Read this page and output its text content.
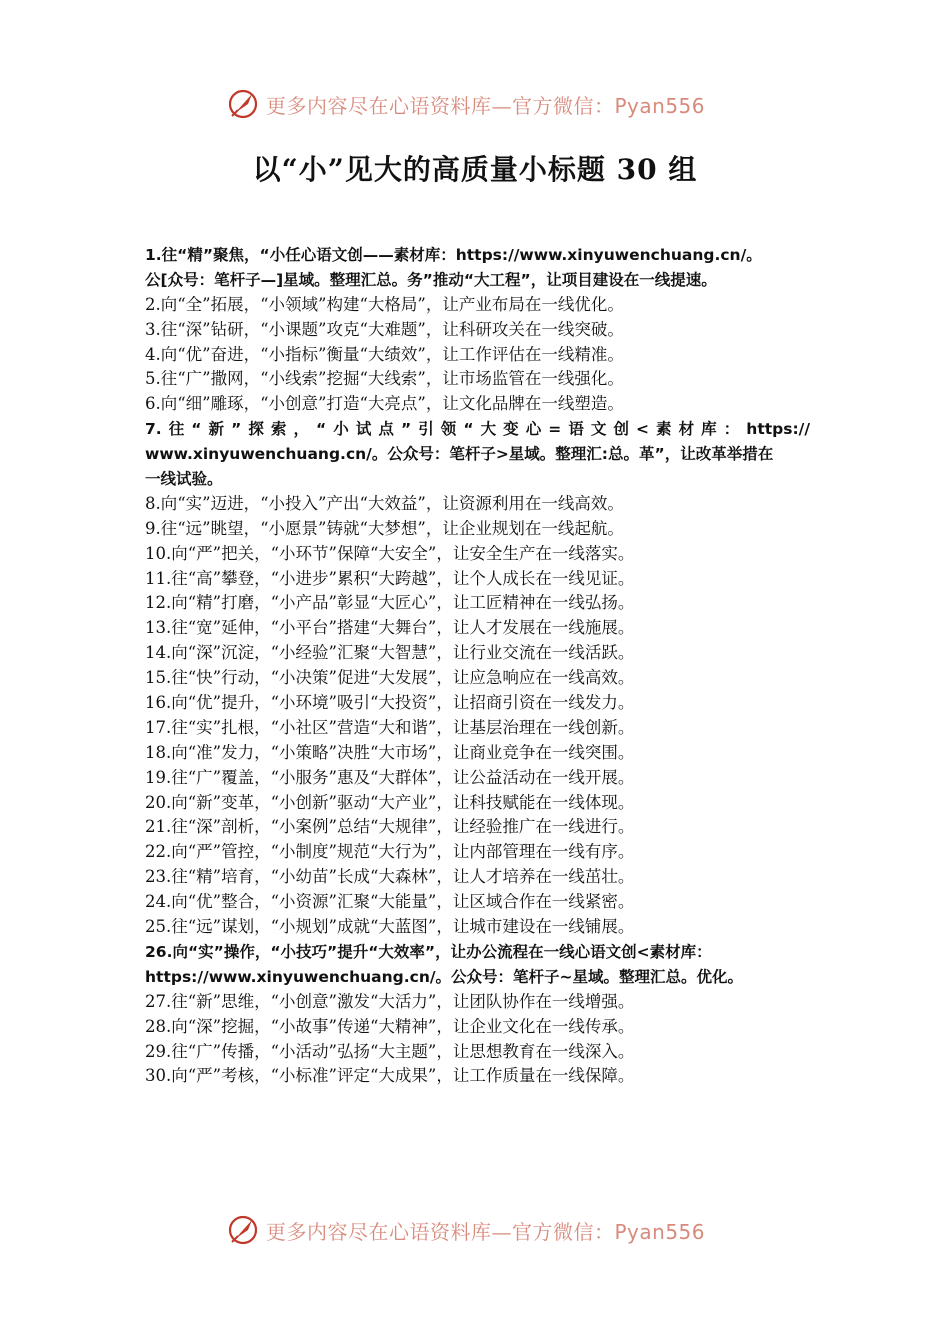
更多内容尽在心语资料库—官方微信：Pyan556
以“小”见大的高质量小标题 30 组
1.往“精”聚焦，“小任心语文创——素材库：https://www.xinyuwenchuang.cn/。
公[众号：笔杆子—]星域。整理汇总。务”推动“大工程”，让项目建设在一线提速。
2.向“全”拓展，“小领域”构建“大格局”，让产业布局在一线优化。
3.往“深”钻研，“小课题”攻克“大难题”，让科研攻关在一线突破。
4.向“优”奋进，“小指标”衡量“大绩效”，让工作评估在一线精准。
5.往“广”撒网，“小线索”挖掘“大线索”，让市场监管在一线强化。
6.向“细”雕琢，“小创意”打造“大亮点”，让文化品牌在一线塑造。
7.往“新”探索，“小试点”引领“大变心=语文创<素材库：https://
www.xinyuwenchuang.cn/。公众号：笔杆子>星域。整理汇:总。革”，让改革举措在
一线试验。
8.向“实”迈进，“小投入”产出“大效益”，让资源利用在一线高效。
9.往“远”眺望，“小愿景”铸就“大梦想”，让企业规划在一线起航。
10.向“严”把关，“小环节”保障“大安全”，让安全生产在一线落实。
11.往“高”攀登，“小进步”累积“大跨越”，让个人成长在一线见证。
12.向“精”打磨，“小产品”彰显“大匠心”，让工匠精神在一线弘扬。
13.往“宽”延伸，“小平台”搭建“大舞台”，让人才发展在一线施展。
14.向“深”沉淀，“小经验”汇聚“大智慧”，让行业交流在一线活跃。
15.往“快”行动，“小决策”促进“大发展”，让应急响应在一线高效。
16.向“优”提升，“小环境”吸引“大投资”，让招商引资在一线发力。
17.往“实”扎根，“小社区”营造“大和谐”，让基层治理在一线创新。
18.向“准”发力，“小策略”决胜“大市场”，让商业竞争在一线突围。
19.往“广”覆盖，“小服务”惠及“大群体”，让公益活动在一线开展。
20.向“新”变革，“小创新”驱动“大产业”，让科技赋能在一线体现。
21.往“深”剖析，“小案例”总结“大规律”，让经验推广在一线进行。
22.向“严”管控，“小制度”规范“大行为”，让内部管理在一线有序。
23.往“精”培育，“小幼苗”长成“大森林”，让人才培养在一线茁壮。
24.向“优”整合，“小资源”汇聚“大能量”，让区域合作在一线紧密。
25.往“远”谋划，“小规划”成就“大蓝图”，让城市建设在一线铺展。
26.向“实”操作，“小技巧”提升“大效率”，让办公流程在一线心语文创<素材库：
https://www.xinyuwenchuang.cn/。公众号：笔杆子~星域。整理汇总。优化。
27.往“新”思维，“小创意”激发“大活力”，让团队协作在一线增强。
28.向“深”挖掘，“小故事”传递“大精神”，让企业文化在一线传承。
29.往“广”传播，“小活动”弘扬“大主题”，让思想教育在一线深入。
30.向“严”考核，“小标准”评定“大成果”，让工作质量在一线保障。
更多内容尽在心语资料库—官方微信：Pyan556
